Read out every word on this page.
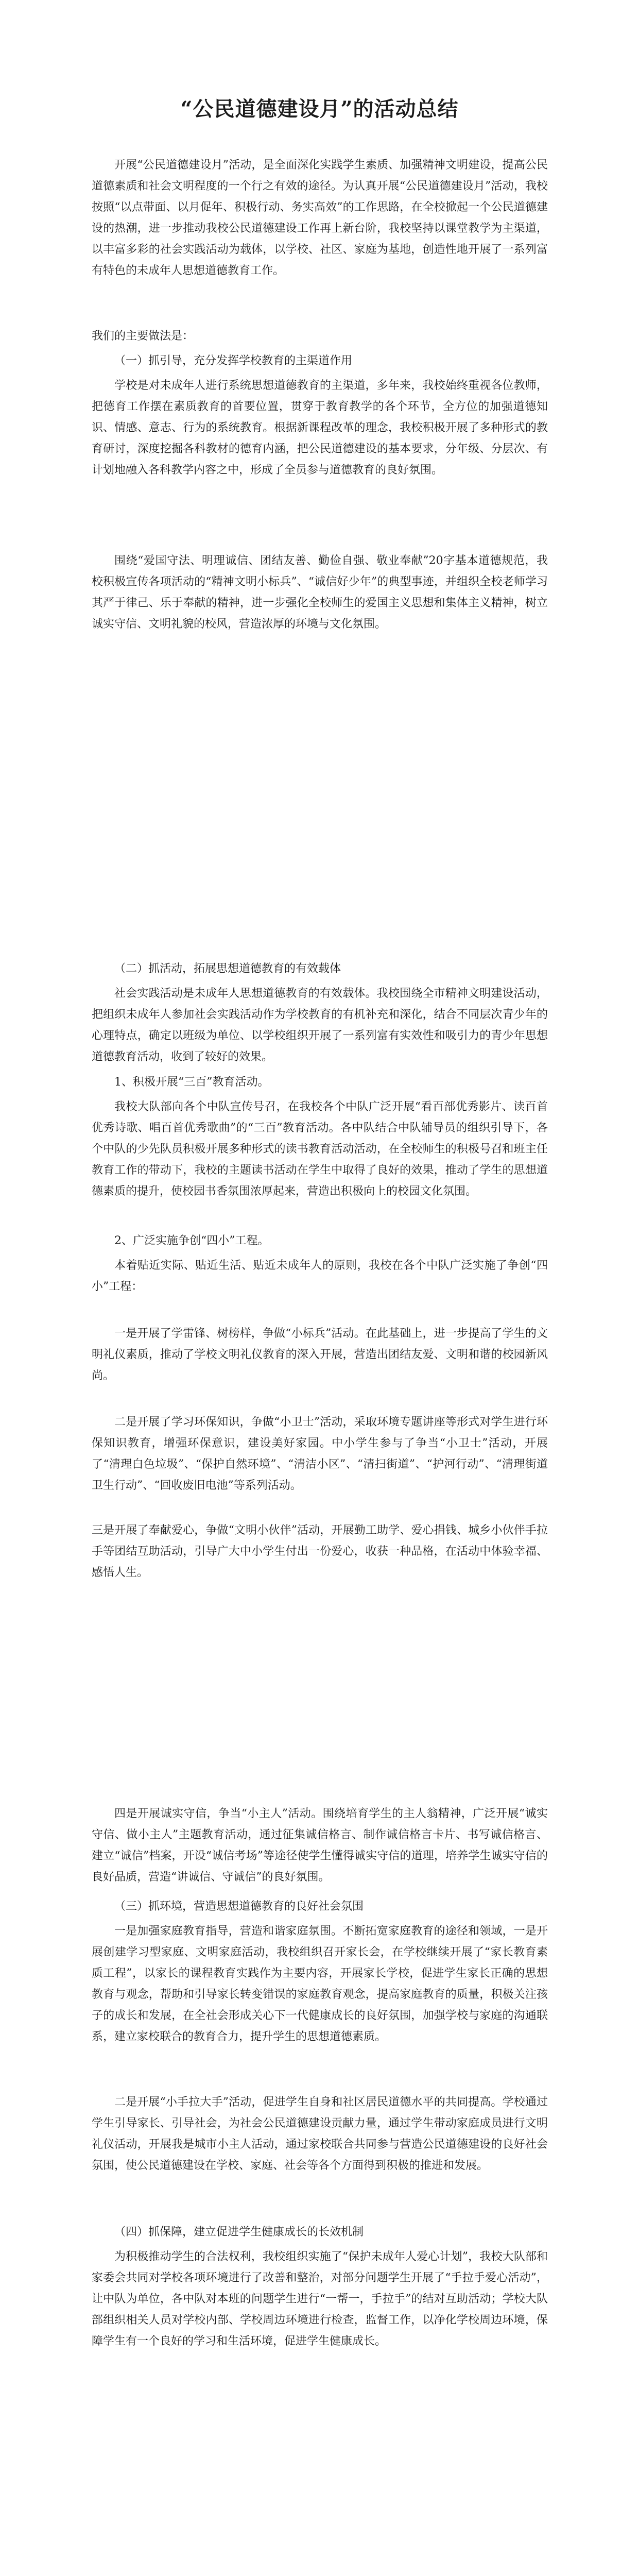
“公民道德建设月”的活动总结

开展“公民道德建设月”活动，是全面深化实践学生素质、加强精神文明建设，提高公民道德素质和社会文明程度的一个行之有效的途径。为认真开展“公民道德建设月”活动，我校按照“以点带面、以月促年、积极行动、务实高效”的工作思路，在全校掀起一个公民道德建设的热潮，进一步推动我校公民道德建设工作再上新台阶，我校坚持以课堂教学为主渠道，以丰富多彩的社会实践活动为载体，以学校、社区、家庭为基地，创造性地开展了一系列富有特色的未成年人思想道德教育工作。

我们的主要做法是：

（一）抓引导，充分发挥学校教育的主渠道作用

学校是对未成年人进行系统思想道德教育的主渠道，多年来，我校始终重视各位教师，把德育工作摆在素质教育的首要位置，贯穿于教育教学的各个环节，全方位的加强道德知识、情感、意志、行为的系统教育。根据新课程改革的理念，我校积极开展了多种形式的教育研讨，深度挖掘各科教材的德育内涵，把公民道德建设的基本要求，分年级、分层次、有计划地融入各科教学内容之中，形成了全员参与道德教育的良好氛围。

围绕“爱国守法、明理诚信、团结友善、勤俭自强、敬业奉献”20字基本道德规范，我校积极宣传各项活动的“精神文明小标兵”、“诚信好少年”的典型事迹，并组织全校老师学习其严于律己、乐于奉献的精神，进一步强化全校师生的爱国主义思想和集体主义精神，树立诚实守信、文明礼貌的校风，营造浓厚的环境与文化氛围。

（二）抓活动，拓展思想道德教育的有效载体

社会实践活动是未成年人思想道德教育的有效载体。我校围绕全市精神文明建设活动，把组织未成年人参加社会实践活动作为学校教育的有机补充和深化，结合不同层次青少年的心理特点，确定以班级为单位、以学校组织开展了一系列富有实效性和吸引力的青少年思想道德教育活动，收到了较好的效果。

1、积极开展“三百”教育活动。

我校大队部向各个中队宣传号召，在我校各个中队广泛开展“看百部优秀影片、读百首优秀诗歌、唱百首优秀歌曲”的“三百”教育活动。各中队结合中队辅导员的组织引导下，各个中队的少先队员积极开展多种形式的读书教育活动活动，在全校师生的积极号召和班主任教育工作的带动下，我校的主题读书活动在学生中取得了良好的效果，推动了学生的思想道德素质的提升，使校园书香氛围浓厚起来，营造出积极向上的校园文化氛围。

2、广泛实施争创“四小”工程。

本着贴近实际、贴近生活、贴近未成年人的原则，我校在各个中队广泛实施了争创“四小”工程：

一是开展了学雷锋、树榜样，争做“小标兵”活动。在此基础上，进一步提高了学生的文明礼仪素质，推动了学校文明礼仪教育的深入开展，营造出团结友爱、文明和谐的校园新风尚。

二是开展了学习环保知识，争做“小卫士”活动，采取环境专题讲座等形式对学生进行环保知识教育，增强环保意识，建设美好家园。中小学生参与了争当“小卫士”活动，开展了“清理白色垃圾”、“保护自然环境”、“清洁小区”、“清扫街道”、“护河行动”、“清理街道卫生行动”、“回收废旧电池”等系列活动。

三是开展了奉献爱心，争做“文明小伙伴”活动，开展勤工助学、爱心捐钱、城乡小伙伴手拉手等团结互助活动，引导广大中小学生付出一份爱心，收获一种品格，在活动中体验幸福、感悟人生。

四是开展诚实守信，争当“小主人”活动。围绕培育学生的主人翁精神，广泛开展“诚实守信、做小主人”主题教育活动，通过征集诚信格言、制作诚信格言卡片、书写诚信格言、建立“诚信”档案，开设“诚信考场”等途径使学生懂得诚实守信的道理，培养学生诚实守信的良好品质，营造“讲诚信、守诚信”的良好氛围。

（三）抓环境，营造思想道德教育的良好社会氛围

一是加强家庭教育指导，营造和谐家庭氛围。不断拓宽家庭教育的途径和领域，一是开展创建学习型家庭、文明家庭活动，我校组织召开家长会，在学校继续开展了“家长教育素质工程”，以家长的课程教育实践作为主要内容，开展家长学校，促进学生家长正确的思想教育与观念，帮助和引导家长转变错误的家庭教育观念，提高家庭教育的质量，积极关注孩子的成长和发展，在全社会形成关心下一代健康成长的良好氛围，加强学校与家庭的沟通联系，建立家校联合的教育合力，提升学生的思想道德素质。

二是开展“小手拉大手”活动，促进学生自身和社区居民道德水平的共同提高。学校通过学生引导家长、引导社会，为社会公民道德建设贡献力量，通过学生带动家庭成员进行文明礼仪活动，开展我是城市小主人活动，通过家校联合共同参与营造公民道德建设的良好社会氛围，使公民道德建设在学校、家庭、社会等各个方面得到积极的推进和发展。

（四）抓保障，建立促进学生健康成长的长效机制

为积极推动学生的合法权利，我校组织实施了“保护未成年人爱心计划”，我校大队部和家委会共同对学校各项环境进行了改善和整治，对部分问题学生开展了“手拉手爱心活动”，让中队为单位，各中队对本班的问题学生进行“一帮一，手拉手”的结对互助活动；学校大队部组织相关人员对学校内部、学校周边环境进行检查，监督工作，以净化学校周边环境，保障学生有一个良好的学习和生活环境，促进学生健康成长。
